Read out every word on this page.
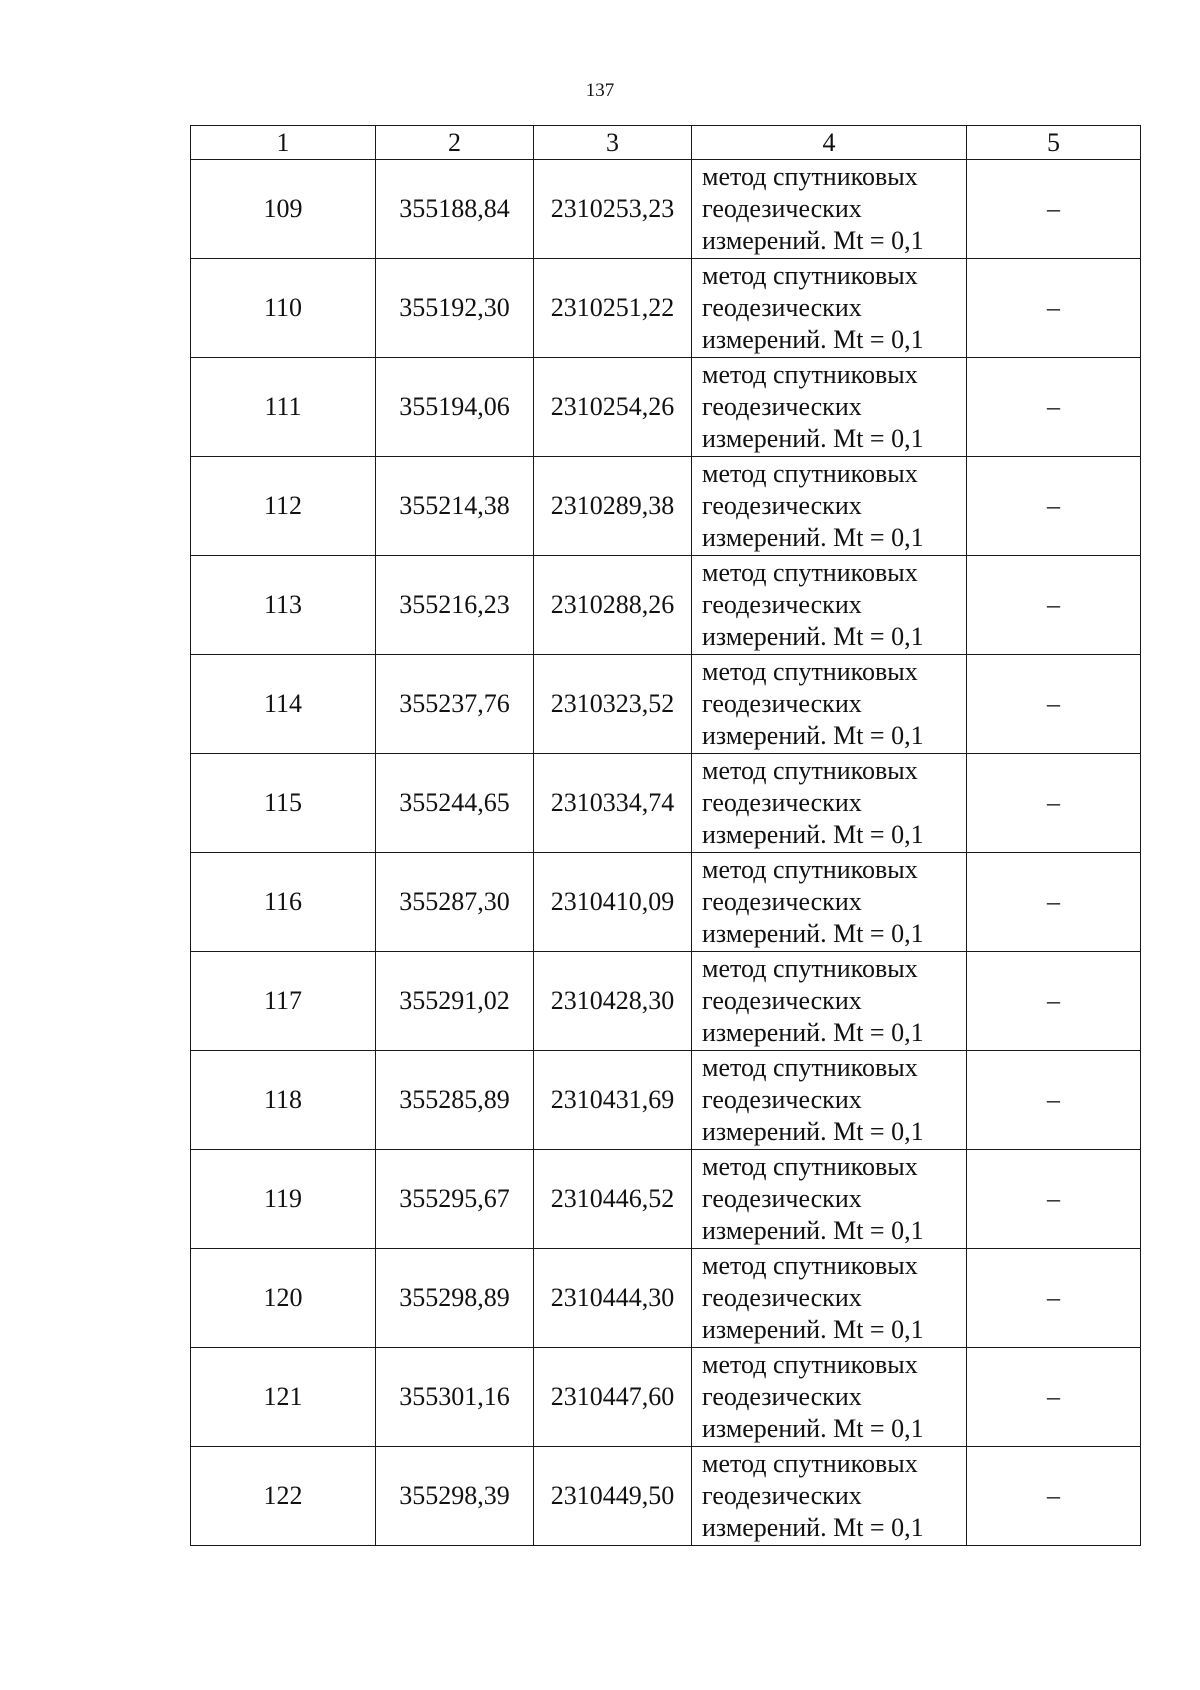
137
1	2	3	4	5
109	355188,84	2310253,23	метод спутниковых
геодезических
измерений. Mt = 0,1	–
110	355192,30	2310251,22	метод спутниковых
геодезических
измерений. Mt = 0,1	–
111	355194,06	2310254,26	метод спутниковых
геодезических
измерений. Mt = 0,1	–
112	355214,38	2310289,38	метод спутниковых
геодезических
измерений. Mt = 0,1	–
113	355216,23	2310288,26	метод спутниковых
геодезических
измерений. Mt = 0,1	–
114	355237,76	2310323,52	метод спутниковых
геодезических
измерений. Mt = 0,1	–
115	355244,65	2310334,74	метод спутниковых
геодезических
измерений. Mt = 0,1	–
116	355287,30	2310410,09	метод спутниковых
геодезических
измерений. Mt = 0,1	–
117	355291,02	2310428,30	метод спутниковых
геодезических
измерений. Mt = 0,1	–
118	355285,89	2310431,69	метод спутниковых
геодезических
измерений. Mt = 0,1	–
119	355295,67	2310446,52	метод спутниковых
геодезических
измерений. Mt = 0,1	–
120	355298,89	2310444,30	метод спутниковых
геодезических
измерений. Mt = 0,1	–
121	355301,16	2310447,60	метод спутниковых
геодезических
измерений. Mt = 0,1	–
122	355298,39	2310449,50	метод спутниковых
геодезических
измерений. Mt = 0,1	–
